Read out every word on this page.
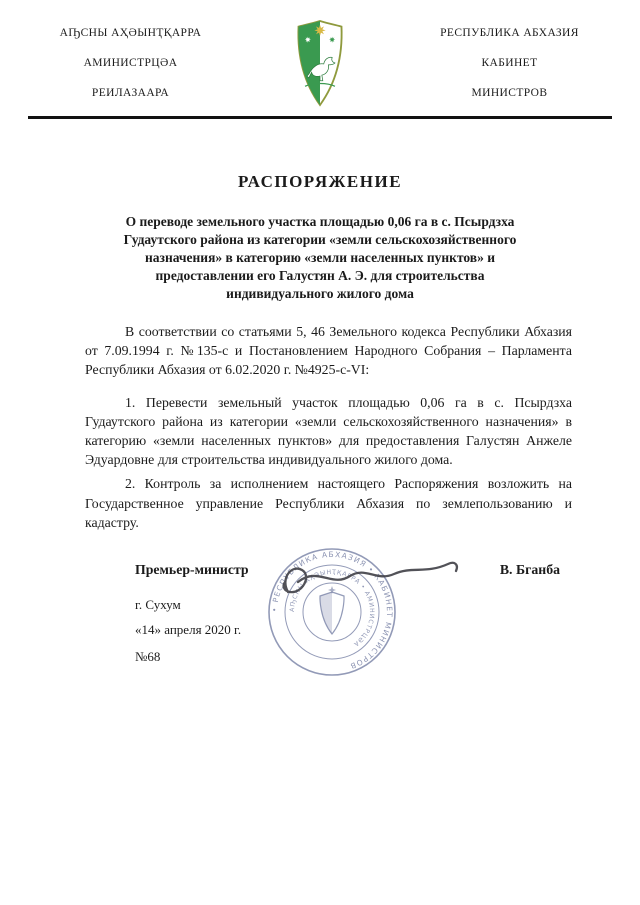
АҦСНЫ АҲӘЫНҬҚАРРА
АМИНИСТРЦӘА
РЕИЛАЗААРА
РЕСПУБЛИКА АБХАЗИЯ
КАБИНЕТ
МИНИСТРОВ
РАСПОРЯЖЕНИЕ
О переводе земельного участка площадью 0,06 га в с. Псырдзха
Гудаутского района из категории «земли сельскохозяйственного
назначения» в категорию «земли населенных пунктов» и
предоставлении его Галустян А. Э. для строительства
индивидуального жилого дома

В соответствии со статьями 5, 46 Земельного кодекса Республики Абхазия от 7.09.1994 г. №135-с и Постановлением Народного Собрания – Парламента Республики Абхазия от 6.02.2020 г. №4925-с-VI:

1. Перевести земельный участок площадью 0,06 га в с. Псырдзха Гудаутского района из категории «земли сельскохозяйственного назначения» в категорию «земли населенных пунктов» для предоставления Галустян Анжеле Эдуардовне для строительства индивидуального жилого дома.

2. Контроль за исполнением настоящего Распоряжения возложить на Государственное управление Республики Абхазия по землепользованию и кадастру.

Премьер-министр	В. Бганба
• РЕСПУБЛИКА АБХАЗИЯ • КАБИНЕТ МИНИСТРОВ
АҦСНЫ АҲӘЫНҬҚАРРА • АМИНИСТРЦӘА
г. Сухум
«14» апреля 2020 г.
№68
